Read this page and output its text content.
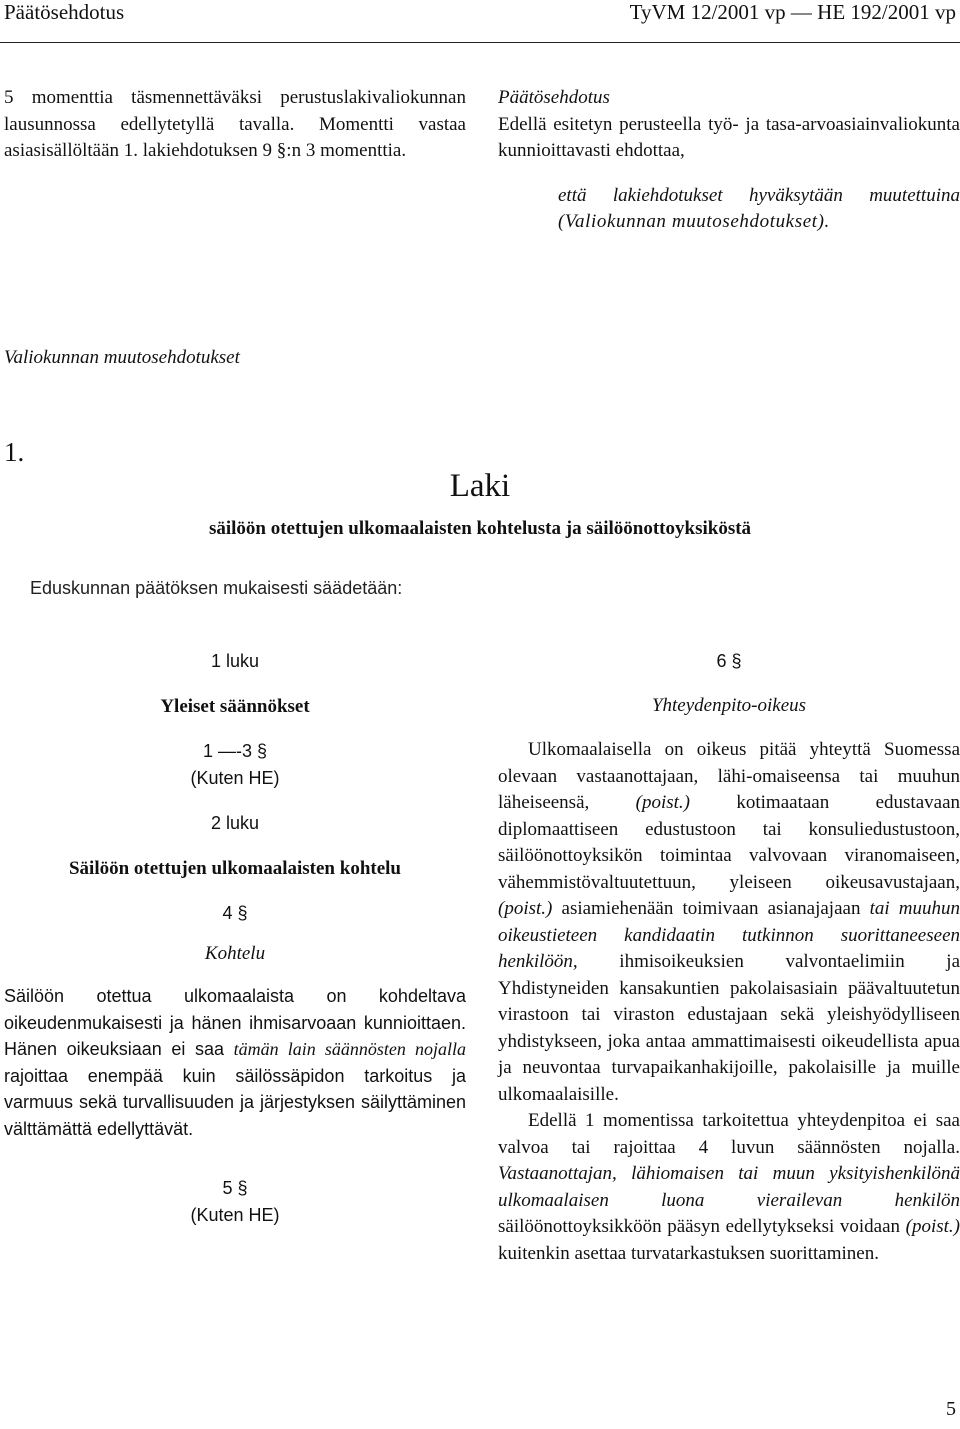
Päätösehdotus	TyVM 12/2001 vp — HE 192/2001 vp
5 momenttia täsmennettäväksi perustuslakivaliokunnan lausunnossa edellytetyllä tavalla. Momentti vastaa asiasisällöltään 1. lakiehdotuksen 9 §:n 3 momenttia.

Päätösehdotus

Edellä esitetyn perusteella työ- ja tasa-arvoasiainvaliokunta kunnioittavasti ehdottaa,

että lakiehdotukset hyväksytään muutettuina (Valiokunnan muutosehdotukset).

Valiokunnan muutosehdotukset
1.
Laki
säilöön otettujen ulkomaalaisten kohtelusta ja säilöönottoyksiköstä
Eduskunnan päätöksen mukaisesti säädetään:

1 luku

Yleiset säännökset

1 —-3 §

(Kuten HE)

2 luku

Säilöön otettujen ulkomaalaisten kohtelu

4 §

Kohtelu

Säilöön otettua ulkomaalaista on kohdeltava oikeudenmukaisesti ja hänen ihmisarvoaan kunnioittaen. Hänen oikeuksiaan ei saa tämän lain säännösten nojalla rajoittaa enempää kuin säilössäpidon tarkoitus ja varmuus sekä turvallisuuden ja järjestyksen säilyttäminen välttämättä edellyttävät.

5 §

(Kuten HE)

6 §

Yhteydenpito-oikeus

Ulkomaalaisella on oikeus pitää yhteyttä Suomessa olevaan vastaanottajaan, lähi-omaiseensa tai muuhun läheiseensä, (poist.) kotimaataan edustavaan diplomaattiseen edustustoon tai konsuliedustustoon, säilöönottoyksikön toimintaa valvovaan viranomaiseen, vähemmistövaltuutettuun, yleiseen oikeusavustajaan, (poist.) asiamiehenään toimivaan asianajajaan tai muuhun oikeustieteen kandidaatin tutkinnon suorittaneeseen henkilöön, ihmisoikeuksien valvontaelimiin ja Yhdistyneiden kansakuntien pakolaisasiain päävaltuutetun virastoon tai viraston edustajaan sekä yleishyödylliseen yhdistykseen, joka antaa ammattimaisesti oikeudellista apua ja neuvontaa turvapaikanhakijoille, pakolaisille ja muille ulkomaalaisille.

Edellä 1 momentissa tarkoitettua yhteydenpitoa ei saa valvoa tai rajoittaa 4 luvun säännösten nojalla. Vastaanottajan, lähiomaisen tai muun yksityishenkilönä ulkomaalaisen luona vierailevan henkilön säilöönottoyksikköön pääsyn edellytykseksi voidaan (poist.) kuitenkin asettaa turvatarkastuksen suorittaminen.

5
